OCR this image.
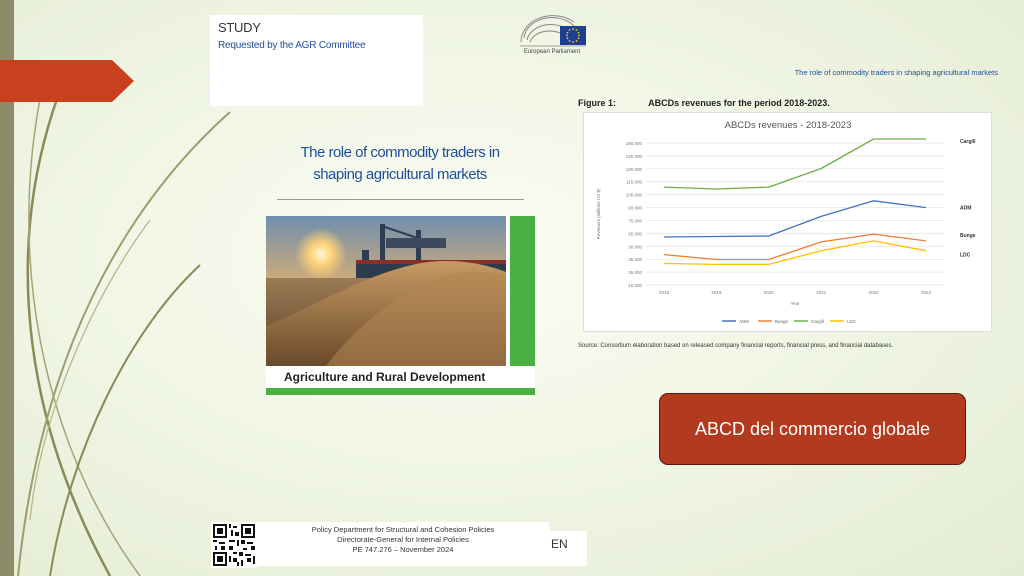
STUDY
Requested by the AGR Committee
European Parliament
The role of commodity traders in shaping agricultural markets
The role of commodity traders in
shaping agricultural markets
Agriculture and Rural Development
Figure 1:	ABCDs revenues for the period 2018-2023.
ABCDs revenues - 2018-2023
15.000
25.000
35.000
50.000
65.000
75.000
90.000
105.000
115.000
130.000
145.000
160.000
2018	2019	2020	2021	2022	2023
Year
Revenues (millions US $)	ADM
Bunge
Cargill
LDC
ADM	Bunge	Cargill	LDC
Source: Consortium elaboration based on released company financial reports, financial press, and financial databases.
ABCD del commercio globale
Policy Department for Structural and Cohesion Policies
Directorate-General for Internal Policies
PE 747.276 – November 2024	EN
